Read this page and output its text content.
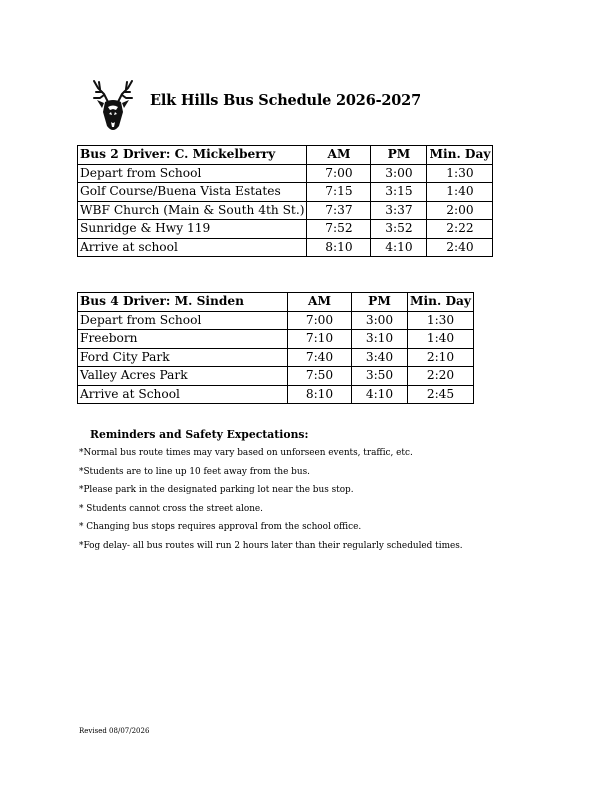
Elk Hills Bus Schedule 2026-2027
Bus 2 Driver: C. Mickelberry	AM	PM	Min. Day
Depart from School	7:00	3:00	1:30
Golf Course/Buena Vista Estates	7:15	3:15	1:40
WBF Church (Main & South 4th St.)	7:37	3:37	2:00
Sunridge & Hwy 119	7:52	3:52	2:22
Arrive at school	8:10	4:10	2:40
Bus 4 Driver: M. Sinden	AM	PM	Min. Day
Depart from School	7:00	3:00	1:30
Freeborn	7:10	3:10	1:40
Ford City Park	7:40	3:40	2:10
Valley Acres Park	7:50	3:50	2:20
Arrive at School	8:10	4:10	2:45
Reminders and Safety Expectations:
*Normal bus route times may vary based on unforseen events, traffic, etc.
*Students are to line up 10 feet away from the bus.
*Please park in the designated parking lot near the bus stop.
* Students cannot cross the street alone.
* Changing bus stops requires approval from the school office.
*Fog delay- all bus routes will run 2 hours later than their regularly scheduled times.
Revised 08/07/2026
